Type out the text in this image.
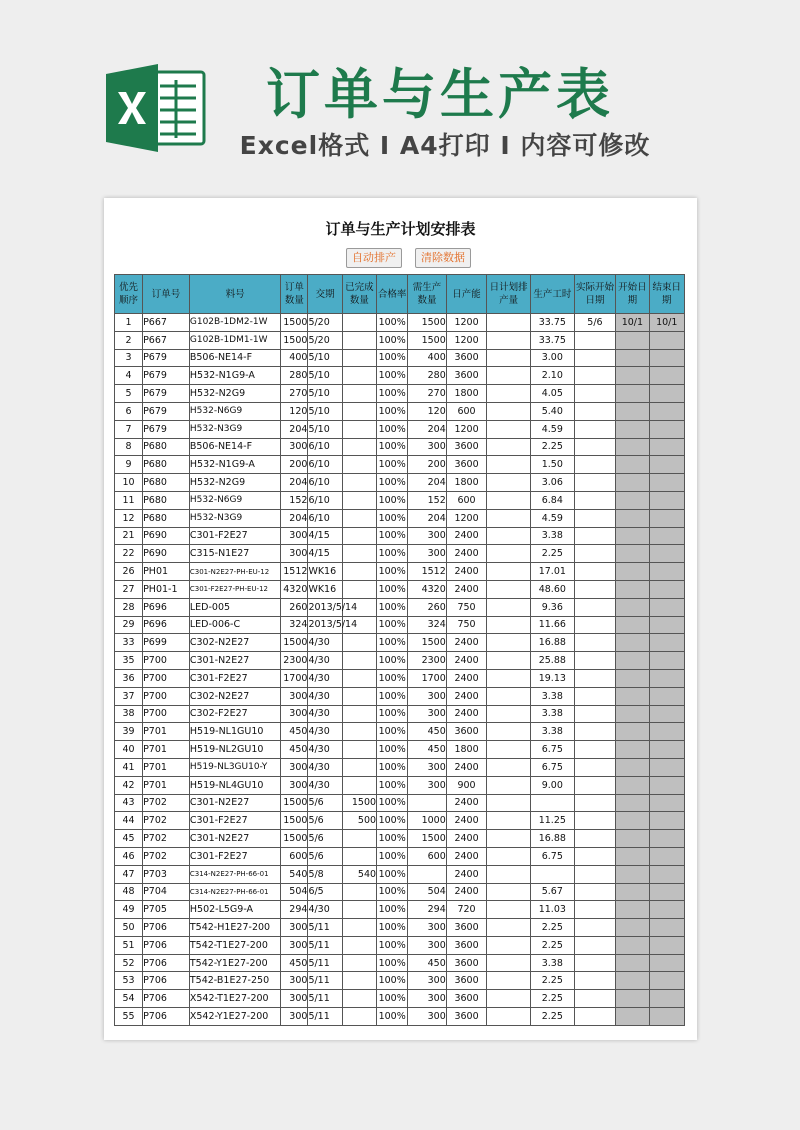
订单与生产表
Excel格式 I A4打印 I 内容可修改
订单与生产计划安排表
自动排产	清除数据
优先顺序	订单号	料号	订单数量	交期	已完成数量	合格率	需生产数量	日产能	日计划排产量	生产工时	实际开始日期	开始日期	结束日期
1	P667	G102B-1DM2-1W	1500	5/20		100%	1500	1200		33.75	5/6	10/1	10/1
2	P667	G102B-1DM1-1W	1500	5/20		100%	1500	1200		33.75			
3	P679	B506-NE14-F	400	5/10		100%	400	3600		3.00			
4	P679	H532-N1G9-A	280	5/10		100%	280	3600		2.10			
5	P679	H532-N2G9	270	5/10		100%	270	1800		4.05			
6	P679	H532-N6G9	120	5/10		100%	120	600		5.40			
7	P679	H532-N3G9	204	5/10		100%	204	1200		4.59			
8	P680	B506-NE14-F	300	6/10		100%	300	3600		2.25			
9	P680	H532-N1G9-A	200	6/10		100%	200	3600		1.50			
10	P680	H532-N2G9	204	6/10		100%	204	1800		3.06			
11	P680	H532-N6G9	152	6/10		100%	152	600		6.84			
12	P680	H532-N3G9	204	6/10		100%	204	1200		4.59			
21	P690	C301-F2E27	300	4/15		100%	300	2400		3.38			
22	P690	C315-N1E27	300	4/15		100%	300	2400		2.25			
26	PH01	C301-N2E27-PH-EU-12	1512	WK16		100%	1512	2400		17.01			
27	PH01-1	C301-F2E27-PH-EU-12	4320	WK16		100%	4320	2400		48.60			
28	P696	LED-005	260	2013/5/14		100%	260	750		9.36			
29	P696	LED-006-C	324	2013/5/14		100%	324	750		11.66			
33	P699	C302-N2E27	1500	4/30		100%	1500	2400		16.88			
35	P700	C301-N2E27	2300	4/30		100%	2300	2400		25.88			
36	P700	C301-F2E27	1700	4/30		100%	1700	2400		19.13			
37	P700	C302-N2E27	300	4/30		100%	300	2400		3.38			
38	P700	C302-F2E27	300	4/30		100%	300	2400		3.38			
39	P701	H519-NL1GU10	450	4/30		100%	450	3600		3.38			
40	P701	H519-NL2GU10	450	4/30		100%	450	1800		6.75			
41	P701	H519-NL3GU10-Y	300	4/30		100%	300	2400		6.75			
42	P701	H519-NL4GU10	300	4/30		100%	300	900		9.00			
43	P702	C301-N2E27	1500	5/6	1500	100%		2400					
44	P702	C301-F2E27	1500	5/6	500	100%	1000	2400		11.25			
45	P702	C301-N2E27	1500	5/6		100%	1500	2400		16.88			
46	P702	C301-F2E27	600	5/6		100%	600	2400		6.75			
47	P703	C314-N2E27-PH-66-01	540	5/8	540	100%		2400					
48	P704	C314-N2E27-PH-66-01	504	6/5		100%	504	2400		5.67			
49	P705	H502-L5G9-A	294	4/30		100%	294	720		11.03			
50	P706	T542-H1E27-200	300	5/11		100%	300	3600		2.25			
51	P706	T542-T1E27-200	300	5/11		100%	300	3600		2.25			
52	P706	T542-Y1E27-200	450	5/11		100%	450	3600		3.38			
53	P706	T542-B1E27-250	300	5/11		100%	300	3600		2.25			
54	P706	X542-T1E27-200	300	5/11		100%	300	3600		2.25			
55	P706	X542-Y1E27-200	300	5/11		100%	300	3600		2.25			
